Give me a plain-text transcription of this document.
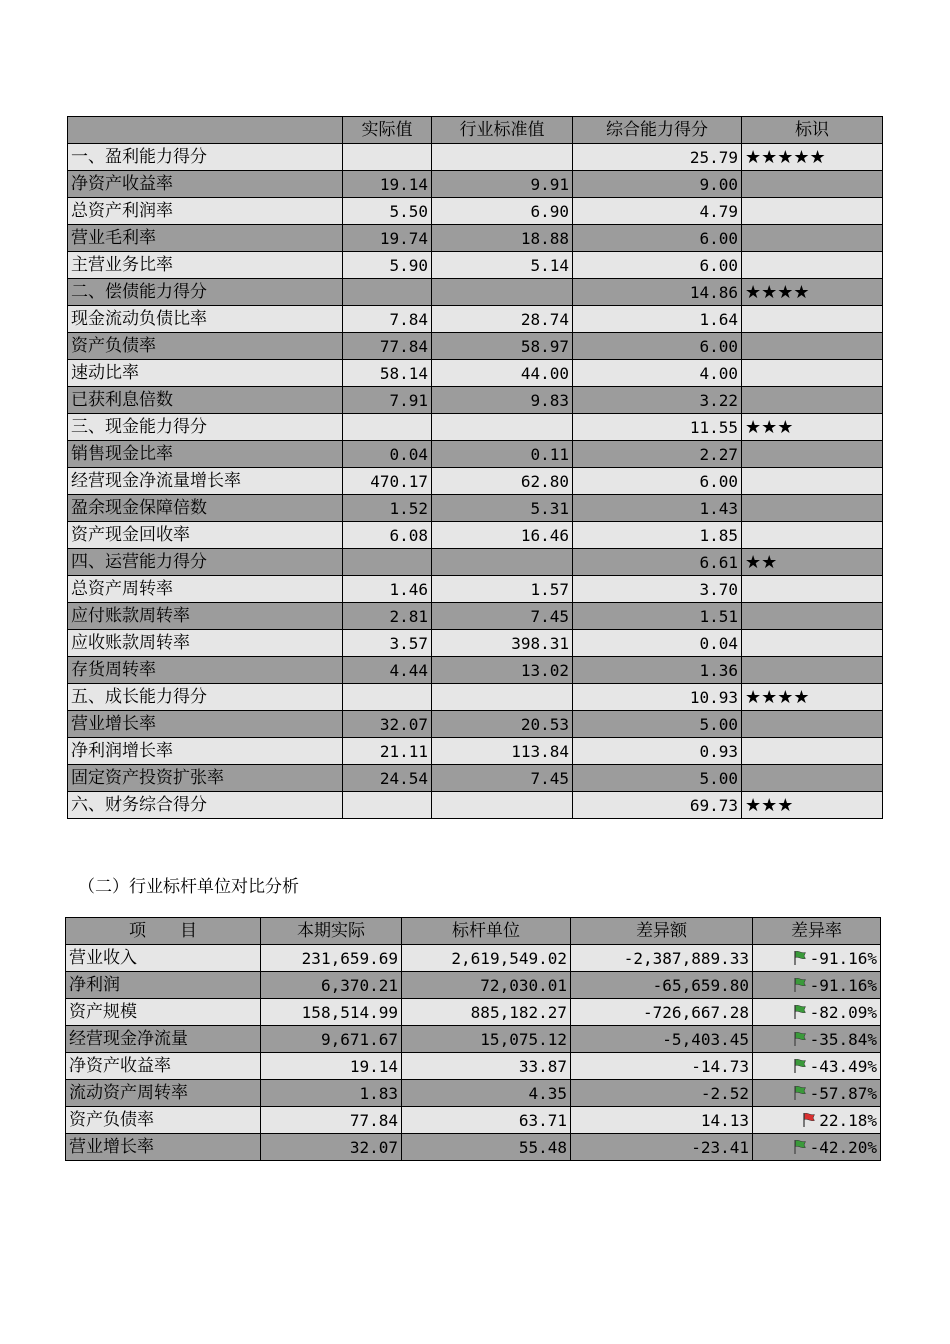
	实际值	行业标准值	综合能力得分	标识
一、盈利能力得分			25.79	★★★★★
净资产收益率	19.14	9.91	9.00	
总资产利润率	5.50	6.90	4.79	
营业毛利率	19.74	18.88	6.00	
主营业务比率	5.90	5.14	6.00	
二、偿债能力得分			14.86	★★★★
现金流动负债比率	7.84	28.74	1.64	
资产负债率	77.84	58.97	6.00	
速动比率	58.14	44.00	4.00	
已获利息倍数	7.91	9.83	3.22	
三、现金能力得分			11.55	★★★
销售现金比率	0.04	0.11	2.27	
经营现金净流量增长率	470.17	62.80	6.00	
盈余现金保障倍数	1.52	5.31	1.43	
资产现金回收率	6.08	16.46	1.85	
四、运营能力得分			6.61	★★
总资产周转率	1.46	1.57	3.70	
应付账款周转率	2.81	7.45	1.51	
应收账款周转率	3.57	398.31	0.04	
存货周转率	4.44	13.02	1.36	
五、成长能力得分			10.93	★★★★
营业增长率	32.07	20.53	5.00	
净利润增长率	21.11	113.84	0.93	
固定资产投资扩张率	24.54	7.45	5.00	
六、财务综合得分			69.73	★★★
（二）行业标杆单位对比分析
项　　目	本期实际	标杆单位	差异额	差异率
营业收入	231,659.69	2,619,549.02	-2,387,889.33	-91.16%
净利润	6,370.21	72,030.01	-65,659.80	-91.16%
资产规模	158,514.99	885,182.27	-726,667.28	-82.09%
经营现金净流量	9,671.67	15,075.12	-5,403.45	-35.84%
净资产收益率	19.14	33.87	-14.73	-43.49%
流动资产周转率	1.83	4.35	-2.52	-57.87%
资产负债率	77.84	63.71	14.13	22.18%
营业增长率	32.07	55.48	-23.41	-42.20%
